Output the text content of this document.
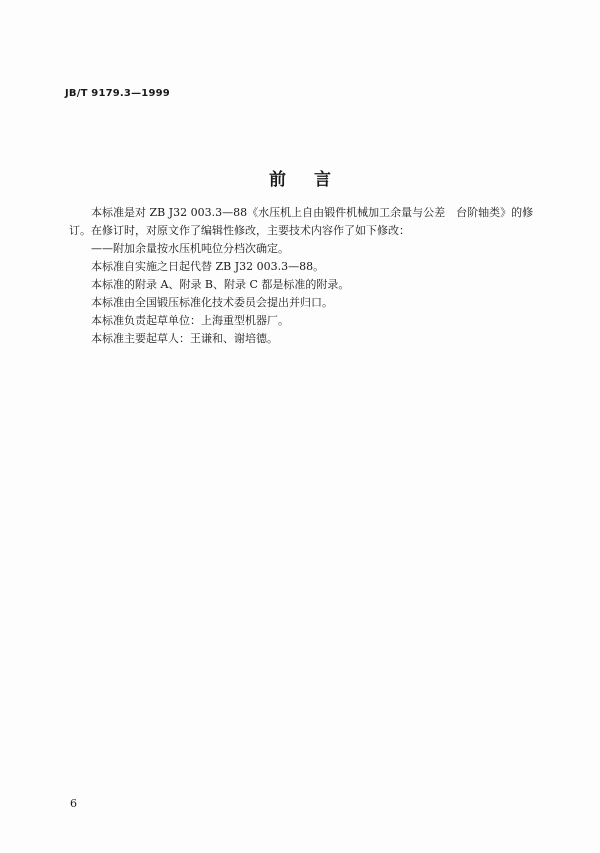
JB/T 9179.3—1999
前言

本标准是对 ZB J32 003.3—88《水压机上自由锻件机械加工余量与公差　台阶轴类》的修订。在修订时，对原文作了编辑性修改，主要技术内容作了如下修改：

——附加余量按水压机吨位分档次确定。

本标准自实施之日起代替 ZB J32 003.3—88。

本标准的附录 A、附录 B、附录 C 都是标准的附录。

本标准由全国锻压标准化技术委员会提出并归口。

本标准负责起草单位：上海重型机器厂。

本标准主要起草人：王谦和、谢培德。

6
